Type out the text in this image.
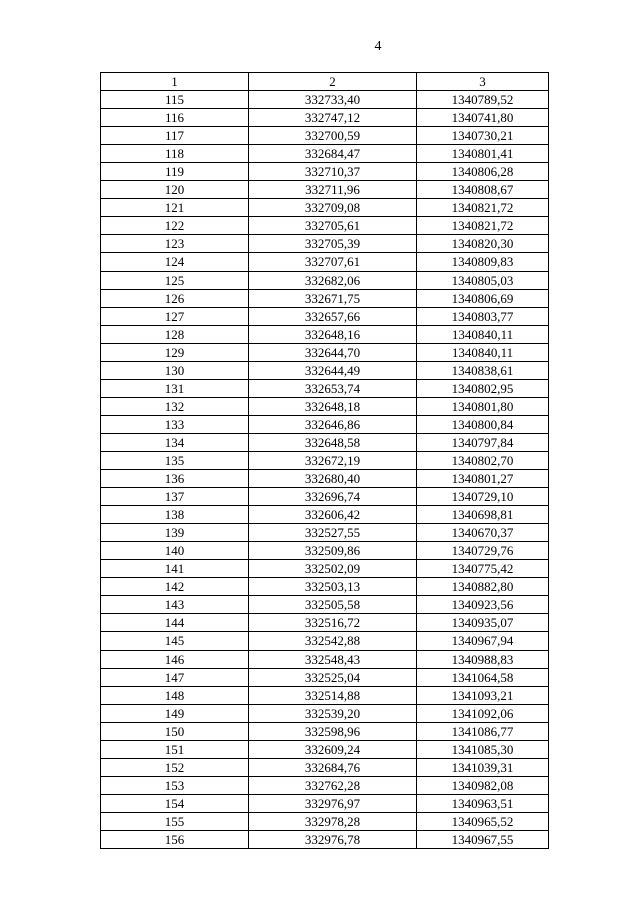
4
1	2	3
115	332733,40	1340789,52
116	332747,12	1340741,80
117	332700,59	1340730,21
118	332684,47	1340801,41
119	332710,37	1340806,28
120	332711,96	1340808,67
121	332709,08	1340821,72
122	332705,61	1340821,72
123	332705,39	1340820,30
124	332707,61	1340809,83
125	332682,06	1340805,03
126	332671,75	1340806,69
127	332657,66	1340803,77
128	332648,16	1340840,11
129	332644,70	1340840,11
130	332644,49	1340838,61
131	332653,74	1340802,95
132	332648,18	1340801,80
133	332646,86	1340800,84
134	332648,58	1340797,84
135	332672,19	1340802,70
136	332680,40	1340801,27
137	332696,74	1340729,10
138	332606,42	1340698,81
139	332527,55	1340670,37
140	332509,86	1340729,76
141	332502,09	1340775,42
142	332503,13	1340882,80
143	332505,58	1340923,56
144	332516,72	1340935,07
145	332542,88	1340967,94
146	332548,43	1340988,83
147	332525,04	1341064,58
148	332514,88	1341093,21
149	332539,20	1341092,06
150	332598,96	1341086,77
151	332609,24	1341085,30
152	332684,76	1341039,31
153	332762,28	1340982,08
154	332976,97	1340963,51
155	332978,28	1340965,52
156	332976,78	1340967,55
